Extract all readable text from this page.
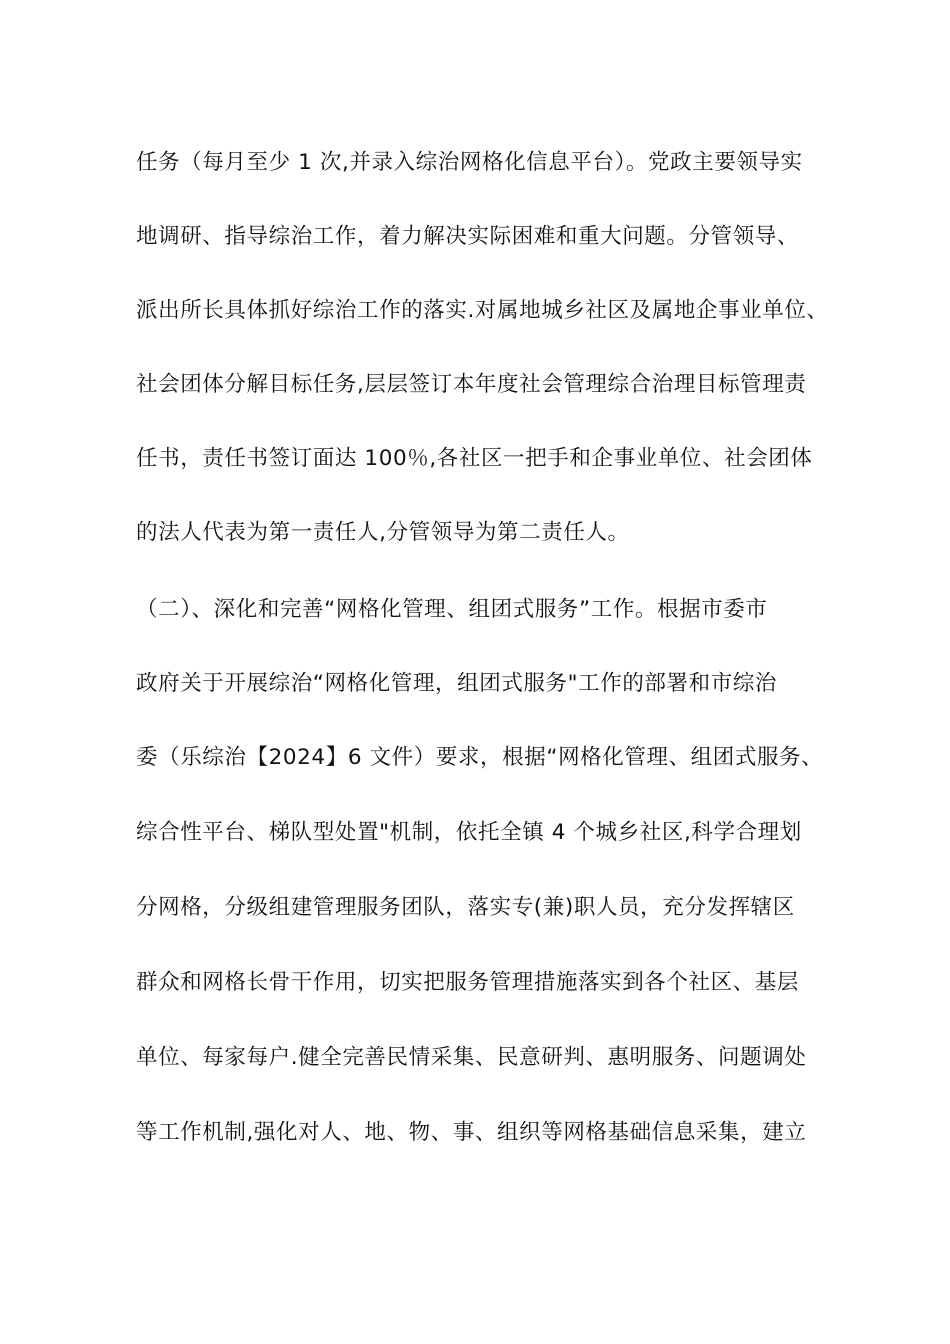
任务（每月至少 1 次,并录入综治网格化信息平台）。党政主要领导实
地调研、指导综治工作，着力解决实际困难和重大问题。分管领导、
派出所长具体抓好综治工作的落实.对属地城乡社区及属地企事业单位、
社会团体分解目标任务,层层签订本年度社会管理综合治理目标管理责
任书，责任书签订面达 100％,各社区一把手和企事业单位、社会团体
的法人代表为第一责任人,分管领导为第二责任人。
（二）、深化和完善“网格化管理、组团式服务”工作。根据市委市
政府关于开展综治“网格化管理，组团式服务"工作的部署和市综治
委（乐综治【2024】6 文件）要求，根据“网格化管理、组团式服务、
综合性平台、梯队型处置"机制，依托全镇 4 个城乡社区,科学合理划
分网格，分级组建管理服务团队，落实专(兼)职人员，充分发挥辖区
群众和网格长骨干作用，切实把服务管理措施落实到各个社区、基层
单位、每家每户.健全完善民情采集、民意研判、惠明服务、问题调处
等工作机制,强化对人、地、物、事、组织等网格基础信息采集，建立
